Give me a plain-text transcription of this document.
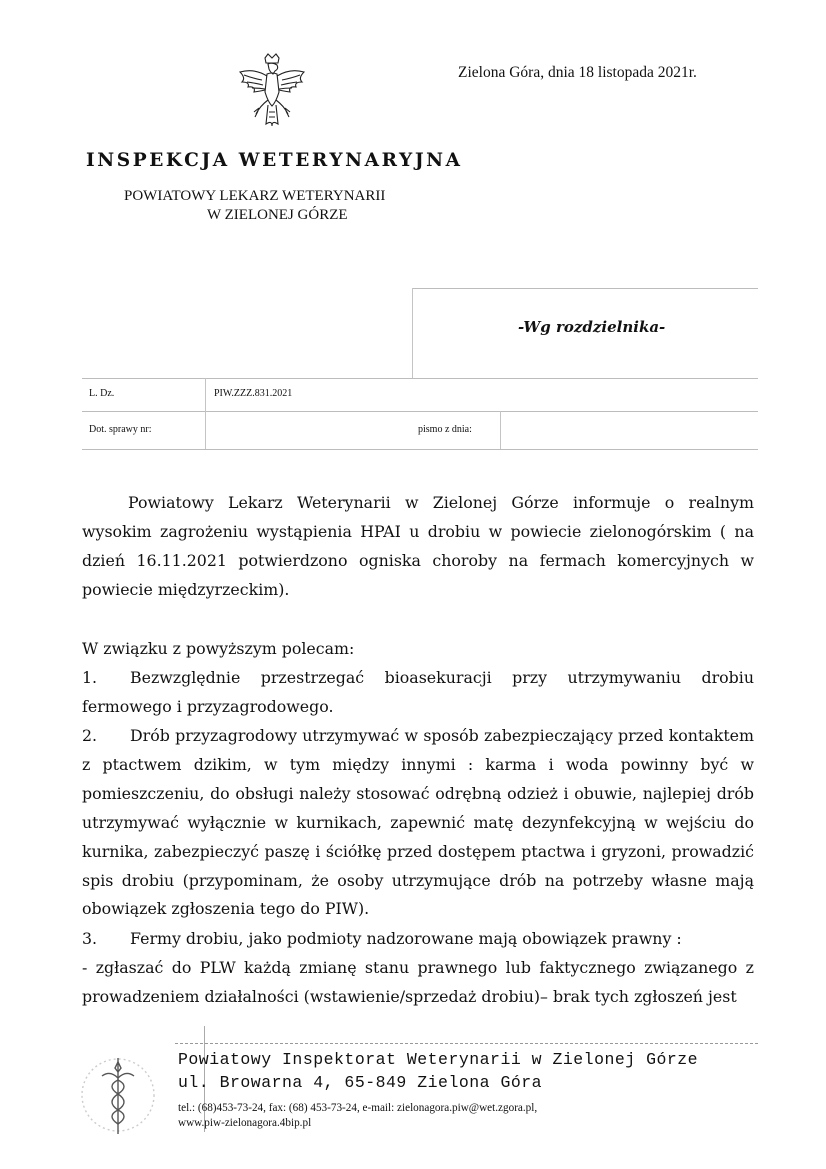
Zielona Góra, dnia 18 listopada 2021r.
INSPEKCJA WETERYNARYJNA
POWIATOWY LEKARZ WETERYNARII
W ZIELONEJ GÓRZE
-Wg rozdzielnika-
L. Dz.	PIW.ZZZ.831.2021
Dot. sprawy nr:	pismo z dnia:
Powiatowy Lekarz Weterynarii w Zielonej Górze informuje o realnym wysokim zagrożeniu wystąpienia HPAI u drobiu w powiecie zielonogórskim ( na dzień 16.11.2021 potwierdzono ogniska choroby na fermach komercyjnych w powiecie międzyrzeckim).
W związku z powyższym polecam:
1. Bezwzględnie przestrzegać bioasekuracji przy utrzymywaniu drobiu fermowego i przyzagrodowego.
2. Drób przyzagrodowy utrzymywać w sposób zabezpieczający przed kontaktem z ptactwem dzikim, w tym między innymi : karma i woda powinny być w pomieszczeniu, do obsługi należy stosować odrębną odzież i obuwie, najlepiej drób utrzymywać wyłącznie w kurnikach, zapewnić matę dezynfekcyjną w wejściu do kurnika, zabezpieczyć paszę i ściółkę przed dostępem ptactwa i gryzoni, prowadzić spis drobiu (przypominam, że osoby utrzymujące drób na potrzeby własne mają obowiązek zgłoszenia tego do PIW).
3. Fermy drobiu, jako podmioty nadzorowane mają obowiązek prawny :
- zgłaszać do PLW każdą zmianę stanu prawnego lub faktycznego związanego z prowadzeniem działalności (wstawienie/sprzedaż drobiu)– brak tych zgłoszeń jest
Powiatowy Inspektorat Weterynarii w Zielonej Górze
ul. Browarna 4, 65-849 Zielona Góra
tel.: (68)453-73-24, fax: (68) 453-73-24, e-mail: zielonagora.piw@wet.zgora.pl,
www.piw-zielonagora.4bip.pl
